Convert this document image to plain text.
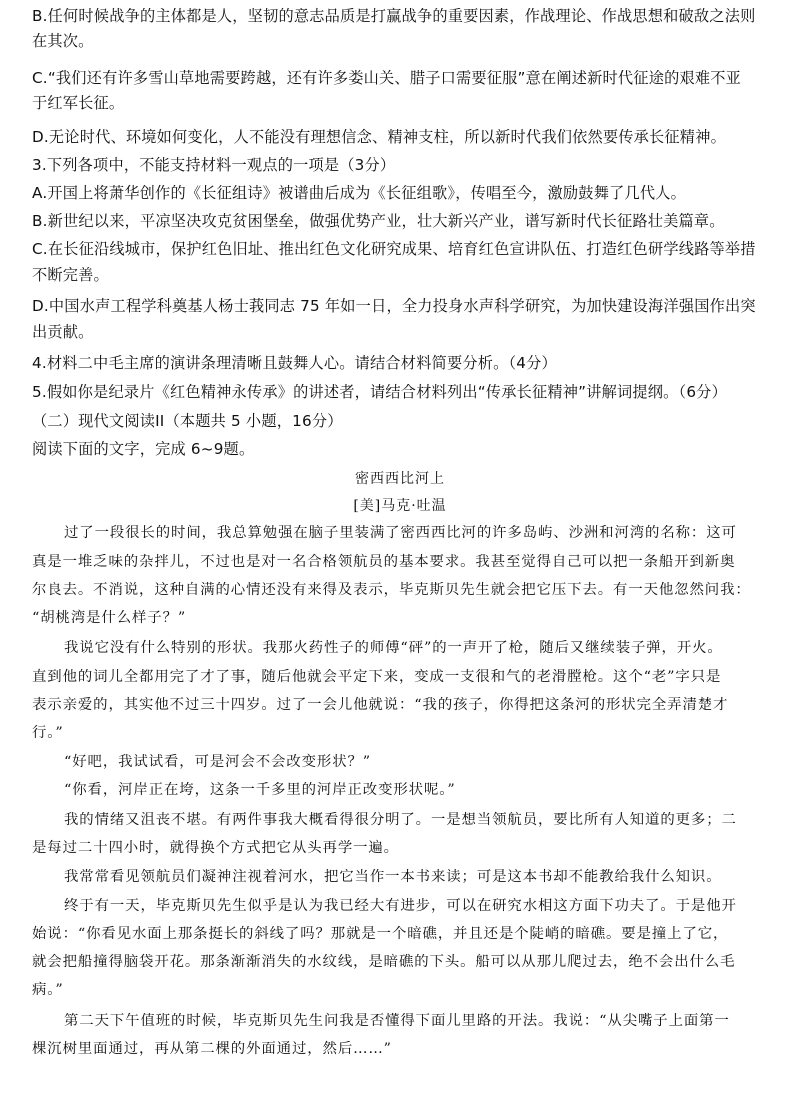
B.任何时候战争的主体都是人，坚韧的意志品质是打赢战争的重要因素，作战理论、作战思想和破敌之法则
在其次。
C.“我们还有许多雪山草地需要跨越，还有许多娄山关、腊子口需要征服”意在阐述新时代征途的艰难不亚
于红军长征。
D.无论时代、环境如何变化，人不能没有理想信念、精神支柱，所以新时代我们依然要传承长征精神。
3.下列各项中，不能支持材料一观点的一项是（3分）
A.开国上将萧华创作的《长征组诗》被谱曲后成为《长征组歌》，传唱至今，激励鼓舞了几代人。
B.新世纪以来，平凉坚决攻克贫困堡垒，做强优势产业，壮大新兴产业，谱写新时代长征路壮美篇章。
C.在长征沿线城市，保护红色旧址、推出红色文化研究成果、培育红色宣讲队伍、打造红色研学线路等举措
不断完善。
D.中国水声工程学科奠基人杨士莪同志 75 年如一日，全力投身水声科学研究，为加快建设海洋强国作出突
出贡献。
4.材料二中毛主席的演讲条理清晰且鼓舞人心。请结合材料简要分析。（4分）
5.假如你是纪录片《红色精神永传承》的讲述者，请结合材料列出“传承长征精神”讲解词提纲。（6分）
（二）现代文阅读II（本题共 5 小题，16分）
阅读下面的文字，完成 6~9题。
密西西比河上
[美]马克·吐温
过了一段很长的时间，我总算勉强在脑子里装满了密西西比河的许多岛屿、沙洲和河湾的名称：这可
真是一堆乏味的杂拌儿，不过也是对一名合格领航员的基本要求。我甚至觉得自己可以把一条船开到新奥
尔良去。不消说，这种自满的心情还没有来得及表示，毕克斯贝先生就会把它压下去。有一天他忽然问我：
“胡桃湾是什么样子？”
我说它没有什么特别的形状。我那火药性子的师傅“砰”的一声开了枪，随后又继续装子弹，开火。
直到他的词儿全都用完了才了事，随后他就会平定下来，变成一支很和气的老滑膛枪。这个“老”字只是
表示亲爱的，其实他不过三十四岁。过了一会儿他就说：“我的孩子，你得把这条河的形状完全弄清楚才
行。”
“好吧，我试试看，可是河会不会改变形状？”
“你看，河岸正在垮，这条一千多里的河岸正改变形状呢。”
我的情绪又沮丧不堪。有两件事我大概看得很分明了。一是想当领航员，要比所有人知道的更多；二
是每过二十四小时，就得换个方式把它从头再学一遍。
我常常看见领航员们凝神注视着河水，把它当作一本书来读；可是这本书却不能教给我什么知识。
终于有一天，毕克斯贝先生似乎是认为我已经大有进步，可以在研究水相这方面下功夫了。于是他开
始说：“你看见水面上那条挺长的斜线了吗？那就是一个暗礁，并且还是个陡峭的暗礁。要是撞上了它，
就会把船撞得脑袋开花。那条渐渐消失的水纹线，是暗礁的下头。船可以从那儿爬过去，绝不会出什么毛
病。”
第二天下午值班的时候，毕克斯贝先生问我是否懂得下面儿里路的开法。我说：“从尖嘴子上面第一
棵沉树里面通过，再从第二棵的外面通过，然后……”
